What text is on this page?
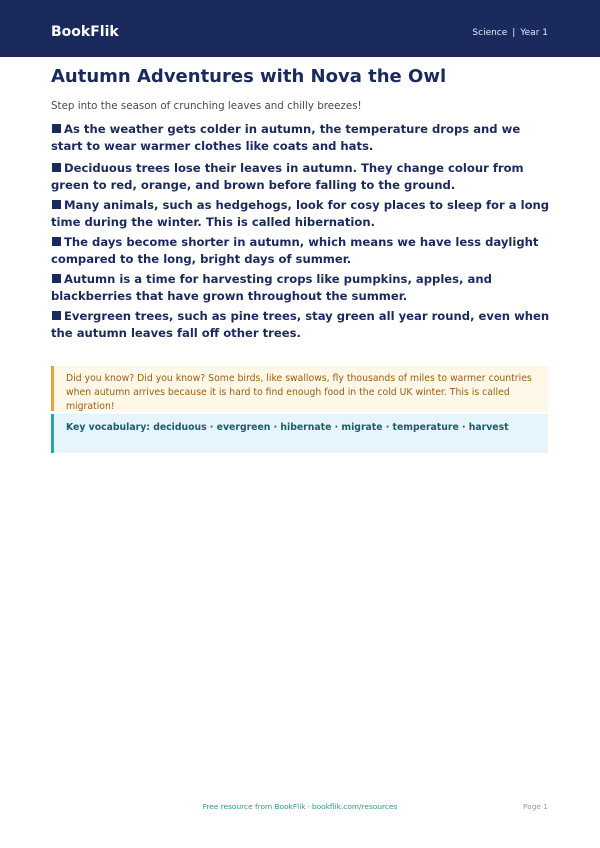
BookFlik	Science | Year 1
Autumn Adventures with Nova the Owl

Step into the season of crunching leaves and chilly breezes!

As the weather gets colder in autumn, the temperature drops and we start to wear warmer clothes like coats and hats.
Deciduous trees lose their leaves in autumn. They change colour from green to red, orange, and brown before falling to the ground.
Many animals, such as hedgehogs, look for cosy places to sleep for a long time during the winter. This is called hibernation.
The days become shorter in autumn, which means we have less daylight compared to the long, bright days of summer.
Autumn is a time for harvesting crops like pumpkins, apples, and blackberries that have grown throughout the summer.
Evergreen trees, such as pine trees, stay green all year round, even when the autumn leaves fall off other trees.

Did you know? Did you know? Some birds, like swallows, fly thousands of miles to warmer countries when autumn arrives because it is hard to find enough food in the cold UK winter. This is called migration!

Key vocabulary: deciduous · evergreen · hibernate · migrate · temperature · harvest

Free resource from BookFlik · bookflik.com/resources	Page 1
